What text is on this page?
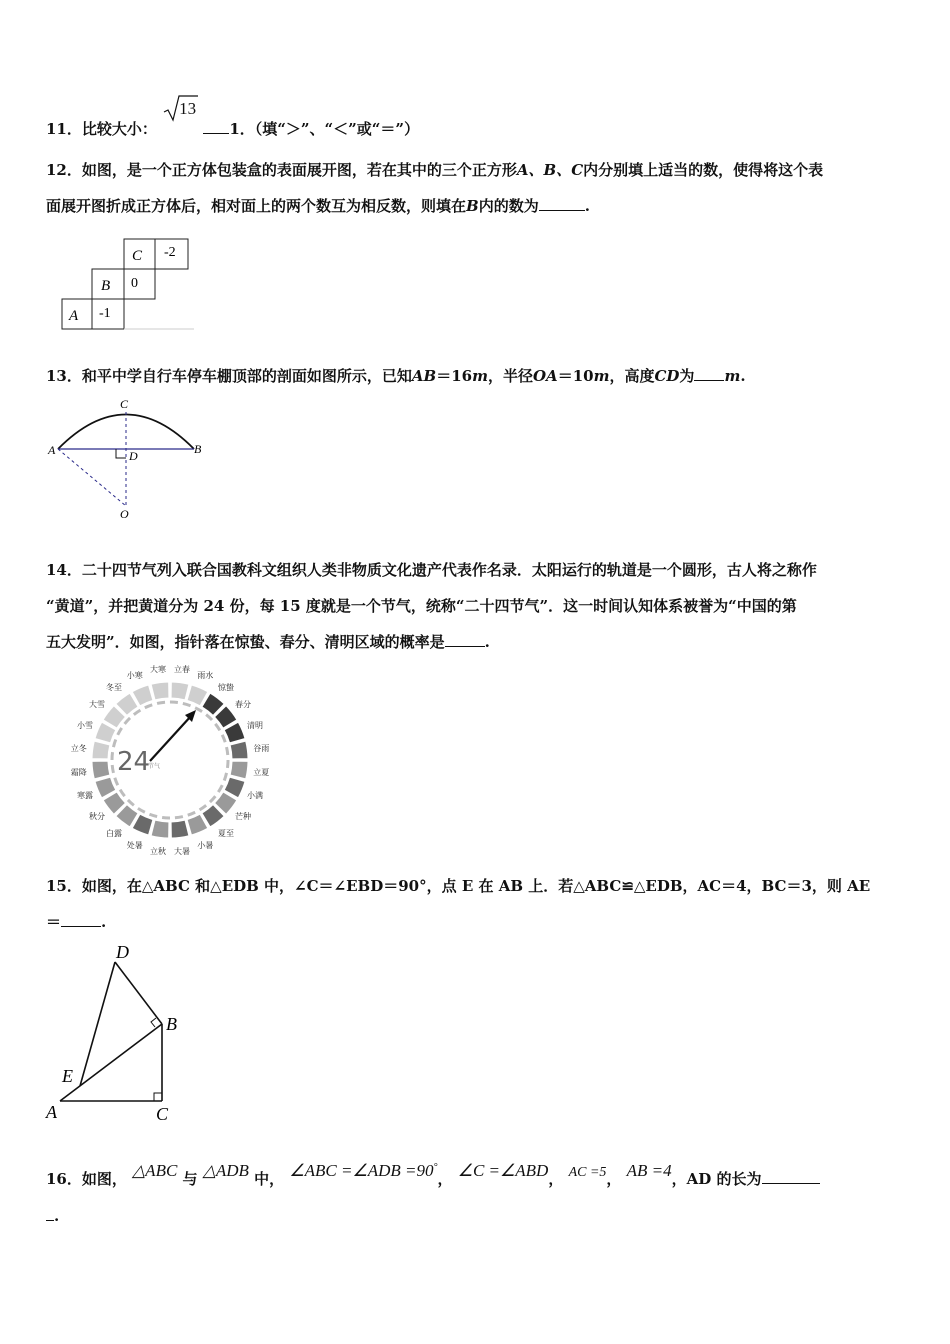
11．比较大小：
13
1．（填“＞”、“＜”或“＝”）
12．如图，是一个正方体包装盒的表面展开图，若在其中的三个正方形A、B、C内分别填上适当的数，使得将这个表
面展开图折成正方体后，相对面上的两个数互为相反数，则填在B内的数为	.
C -2
B 0
A -1
13．和平中学自行车停车棚顶部的剖面如图所示，已知AB＝16m，半径OA＝10m，高度CD为 m.
C
A	B
D
O
14．二十四节气列入联合国教科文组织人类非物质文化遗产代表作名录．太阳运行的轨道是一个圆形，古人将之称作
“黄道”，并把黄道分为 24 份，每 15 度就是一个节气，统称“二十四节气”．这一时间认知体系被誉为“中国的第
五大发明”．如图，指针落在惊蛰、春分、清明区域的概率是	.
惊蛰
春分
清明
谷雨
立夏
小满
芒种
夏至
小暑
大暑
立秋
处暑
白露
秋分
寒露
霜降
立冬
小雪
大雪
冬至
小寒
大寒 立春
雨水
24
节气
15．如图，在△ABC 和△EDB 中，∠C＝∠EBD＝90°，点 E 在 AB 上．若△ABC≌△EDB，AC＝4，BC＝3，则 AE
＝	.
D
B
E
A	C
16．如图， △ABC 与 △ADB 中， ∠ABC =∠ADB =90°， ∠C =∠ABD， AC =5， AB =4，AD 的长为
.
